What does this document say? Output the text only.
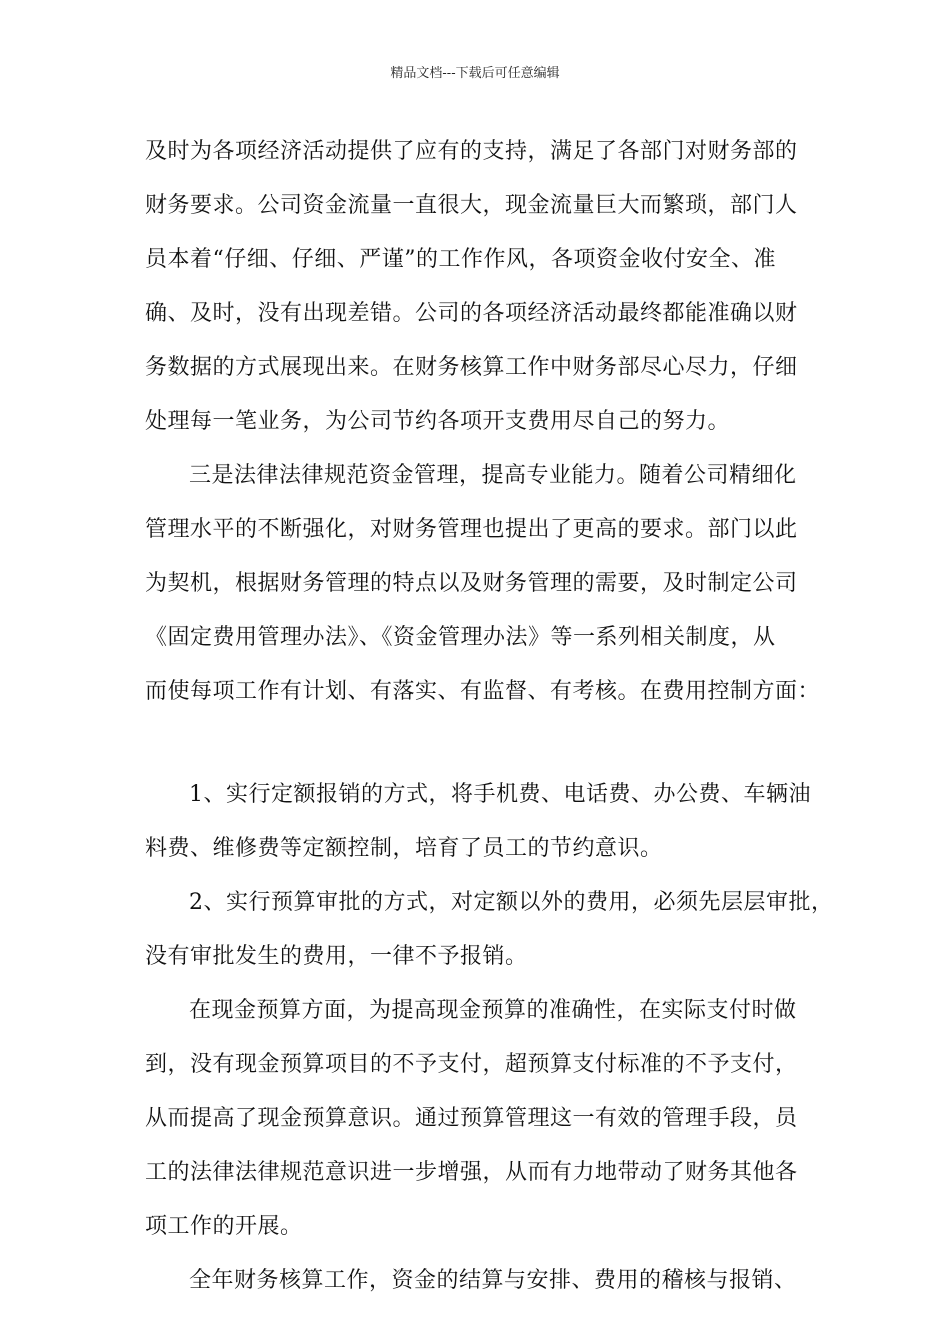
精品文档---下载后可任意编辑
及时为各项经济活动提供了应有的支持，满足了各部门对财务部的
财务要求。公司资金流量一直很大，现金流量巨大而繁琐，部门人
员本着“仔细、仔细、严谨”的工作作风，各项资金收付安全、准
确、及时，没有出现差错。公司的各项经济活动最终都能准确以财
务数据的方式展现出来。在财务核算工作中财务部尽心尽力，仔细
处理每一笔业务，为公司节约各项开支费用尽自己的努力。
三是法律法律规范资金管理，提高专业能力。随着公司精细化
管理水平的不断强化，对财务管理也提出了更高的要求。部门以此
为契机，根据财务管理的特点以及财务管理的需要，及时制定公司
《固定费用管理办法》、《资金管理办法》等一系列相关制度，从
而使每项工作有计划、有落实、有监督、有考核。在费用控制方面：
1、实行定额报销的方式，将手机费、电话费、办公费、车辆油
料费、维修费等定额控制，培育了员工的节约意识。
2、实行预算审批的方式，对定额以外的费用，必须先层层审批，
没有审批发生的费用，一律不予报销。
在现金预算方面，为提高现金预算的准确性，在实际支付时做
到，没有现金预算项目的不予支付，超预算支付标准的不予支付，
从而提高了现金预算意识。通过预算管理这一有效的管理手段，员
工的法律法律规范意识进一步增强，从而有力地带动了财务其他各
项工作的开展。
全年财务核算工作，资金的结算与安排、费用的稽核与报销、
